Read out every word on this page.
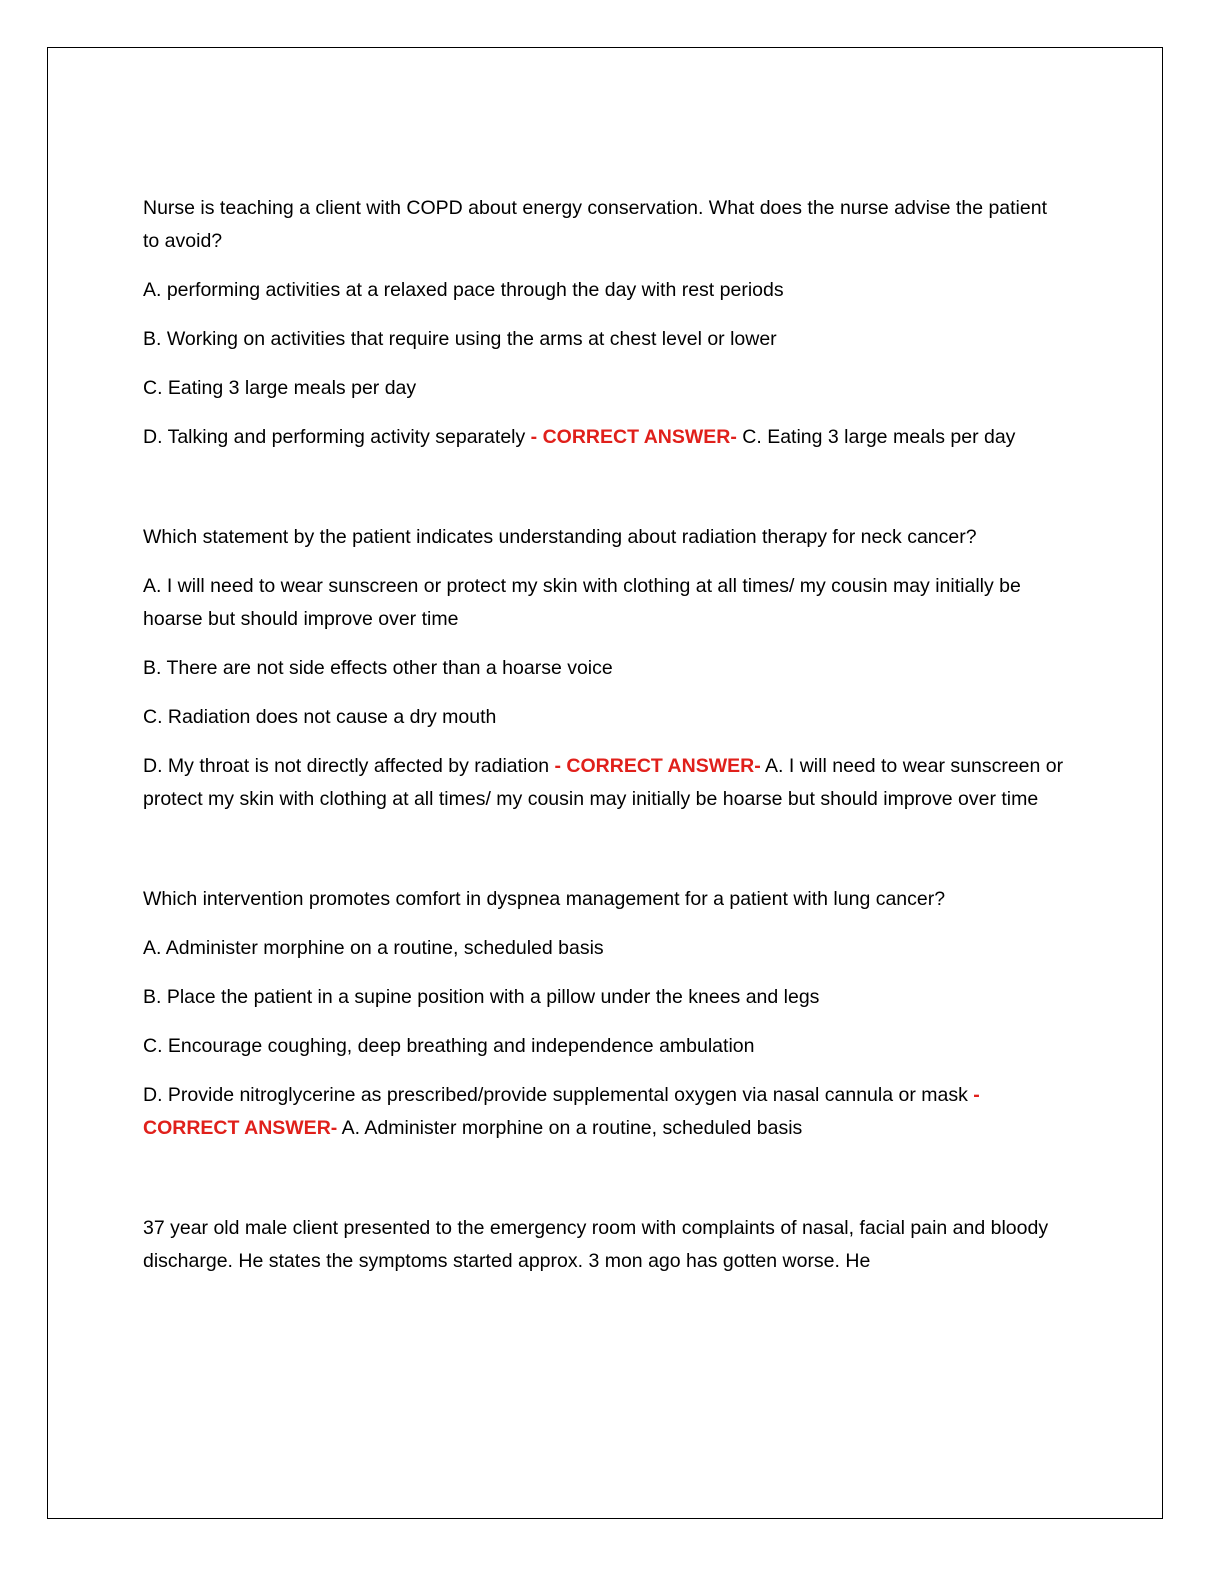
Nurse is teaching a client with COPD about energy conservation. What does the nurse advise the patient to avoid?

A. performing activities at a relaxed pace through the day with rest periods

B. Working on activities that require using the arms at chest level or lower

C. Eating 3 large meals per day

D. Talking and performing activity separately - CORRECT ANSWER- C. Eating 3 large meals per day

Which statement by the patient indicates understanding about radiation therapy for neck cancer?

A. I will need to wear sunscreen or protect my skin with clothing at all times/ my cousin may initially be hoarse but should improve over time

B. There are not side effects other than a hoarse voice

C. Radiation does not cause a dry mouth

D. My throat is not directly affected by radiation - CORRECT ANSWER- A. I will need to wear sunscreen or protect my skin with clothing at all times/ my cousin may initially be hoarse but should improve over time

Which intervention promotes comfort in dyspnea management for a patient with lung cancer?

A. Administer morphine on a routine, scheduled basis

B. Place the patient in a supine position with a pillow under the knees and legs

C. Encourage coughing, deep breathing and independence ambulation

D. Provide nitroglycerine as prescribed/provide supplemental oxygen via nasal cannula or mask - CORRECT ANSWER- A. Administer morphine on a routine, scheduled basis

37 year old male client presented to the emergency room with complaints of nasal, facial pain and bloody discharge. He states the symptoms started approx. 3 mon ago has gotten worse. He
